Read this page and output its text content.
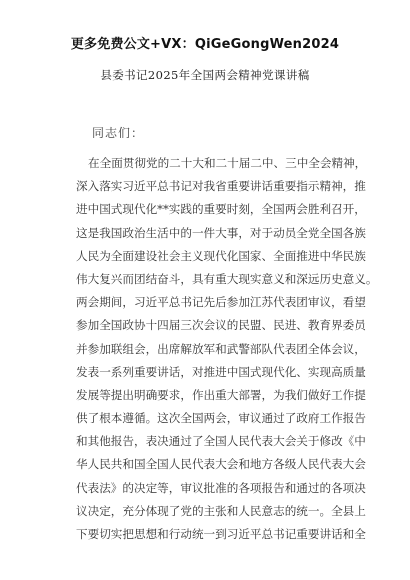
更多免费公文+VX：QiGeGongWen2024
县委书记2025年全国两会精神党课讲稿
同志们：
在全面贯彻党的二十大和二十届二中、三中全会精神，
深入落实习近平总书记对我省重要讲话重要指示精神，推
进中国式现代化**实践的重要时刻，全国两会胜利召开，
这是我国政治生活中的一件大事，对于动员全党全国各族
人民为全面建设社会主义现代化国家、全面推进中华民族
伟大复兴而团结奋斗，具有重大现实意义和深远历史意义。
两会期间，习近平总书记先后参加江苏代表团审议，看望
参加全国政协十四届三次会议的民盟、民进、教育界委员
并参加联组会，出席解放军和武警部队代表团全体会议，
发表一系列重要讲话，对推进中国式现代化、实现高质量
发展等提出明确要求，作出重大部署，为我们做好工作提
供了根本遵循。这次全国两会，审议通过了政府工作报告
和其他报告，表决通过了全国人民代表大会关于修改《中
华人民共和国全国人民代表大会和地方各级人民代表大会
代表法》的决定等，审议批准的各项报告和通过的各项决
议决定，充分体现了党的主张和人民意志的统一。全县上
下要切实把思想和行动统一到习近平总书记重要讲话和全
